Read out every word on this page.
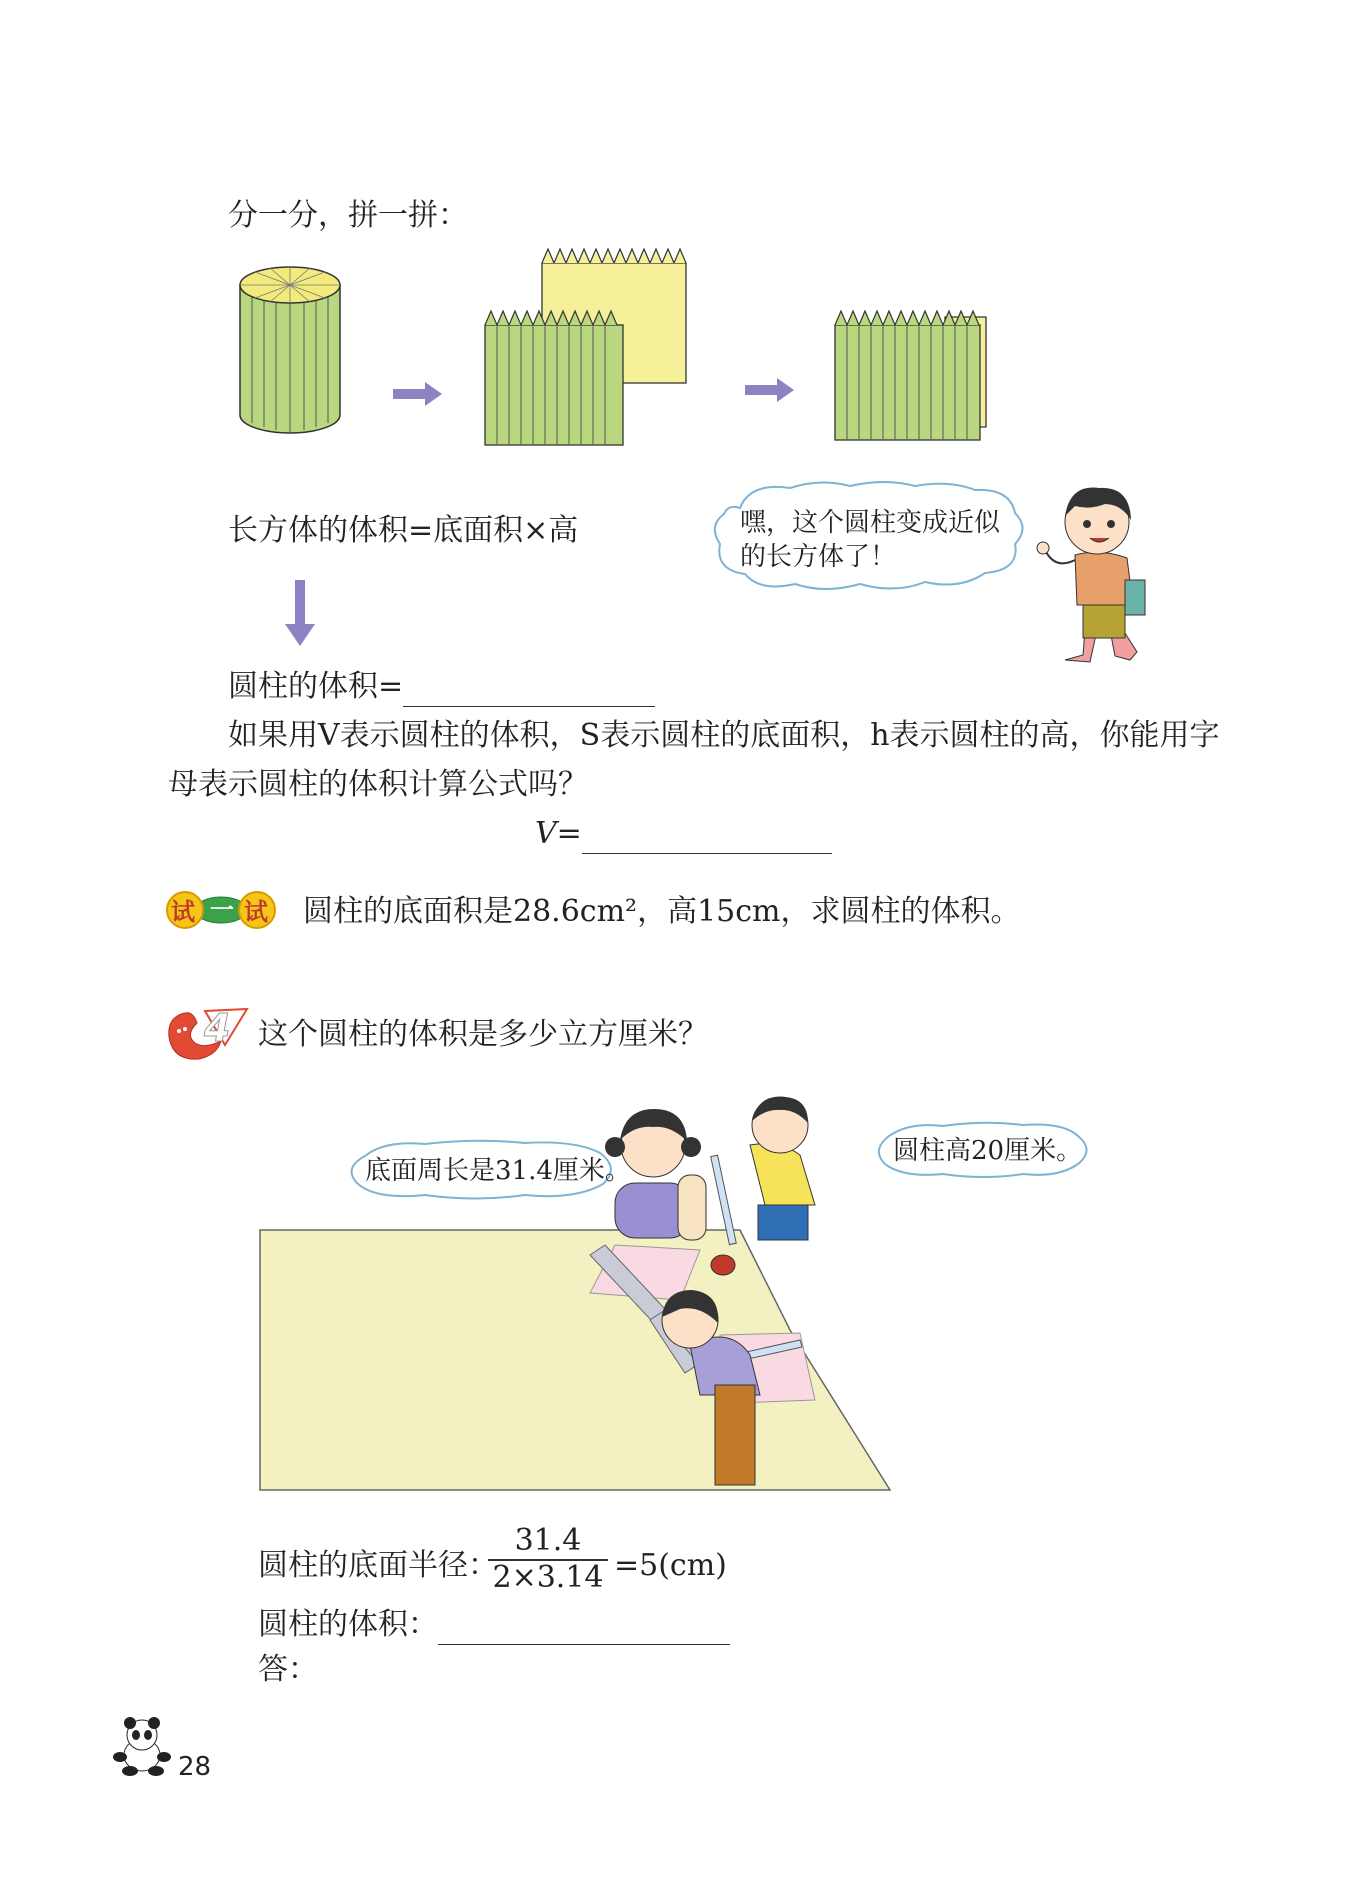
分一分，拼一拼：
长方体的体积=底面积×高	嘿，这个圆柱变成近似
的长方体了！
圆柱的体积=
如果用V表示圆柱的体积，S表示圆柱的底面积，h表示圆柱的高，你能用字
母表示圆柱的体积计算公式吗？
V=
试 一 试 圆柱的底面积是28.6cm²，高15cm，求圆柱的体积。
4 这个圆柱的体积是多少立方厘米？
底面周长是31.4厘米。
圆柱高20厘米。
圆柱的底面半径：
31.4
2×3.14 =5(cm)
圆柱的体积：
答：
28
